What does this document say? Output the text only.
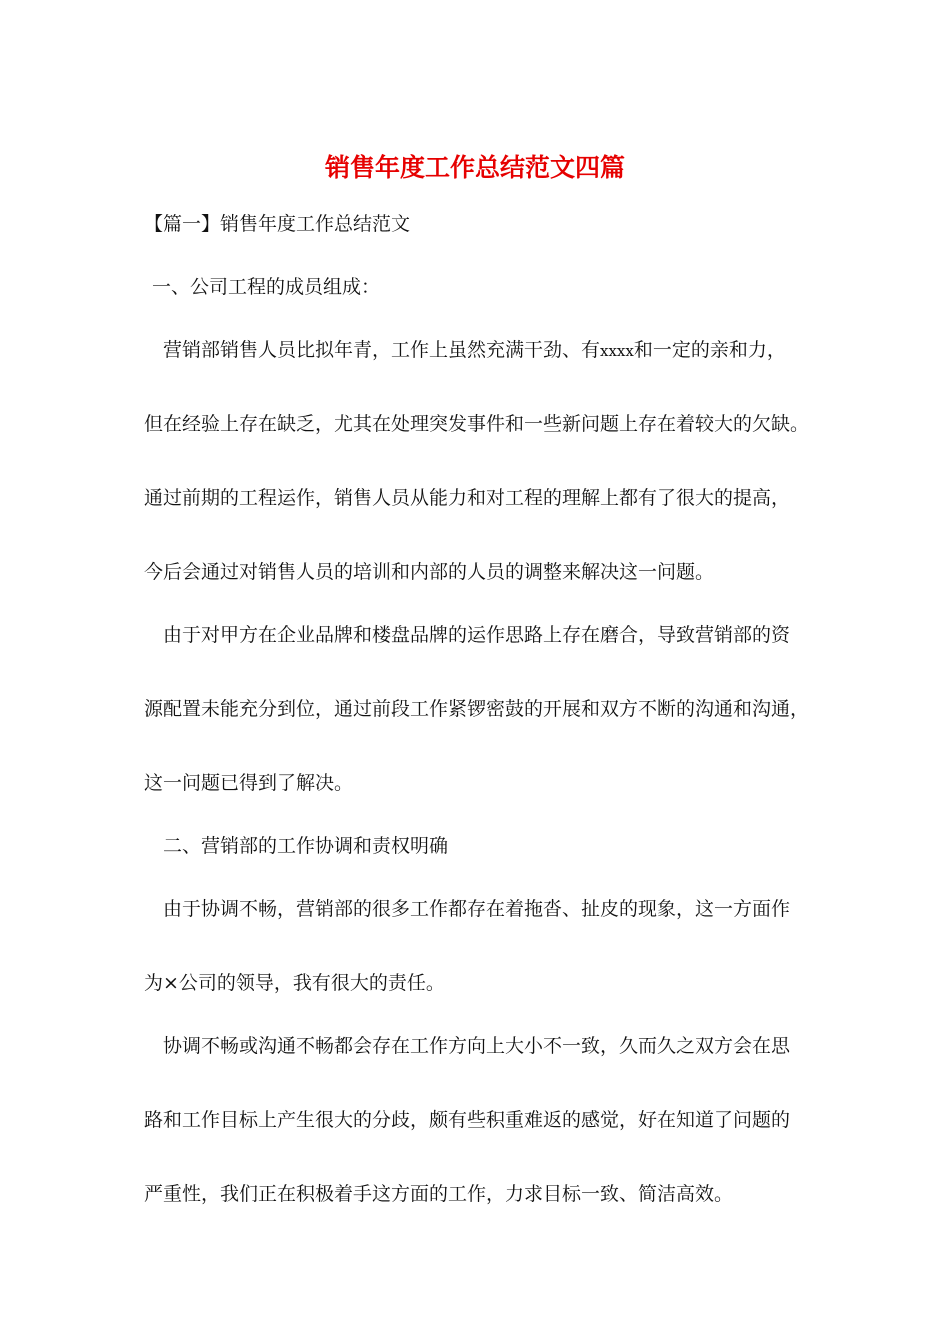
销售年度工作总结范文四篇

【篇一】销售年度工作总结范文

一、公司工程的成员组成：

营销部销售人员比拟年青，工作上虽然充满干劲、有xxxx和一定的亲和力，

但在经验上存在缺乏，尤其在处理突发事件和一些新问题上存在着较大的欠缺。

通过前期的工程运作，销售人员从能力和对工程的理解上都有了很大的提高，

今后会通过对销售人员的培训和内部的人员的调整来解决这一问题。

由于对甲方在企业品牌和楼盘品牌的运作思路上存在磨合，导致营销部的资

源配置未能充分到位，通过前段工作紧锣密鼓的开展和双方不断的沟通和沟通，

这一问题已得到了解决。

二、营销部的工作协调和责权明确

由于协调不畅，营销部的很多工作都存在着拖沓、扯皮的现象，这一方面作

为×公司的领导，我有很大的责任。

协调不畅或沟通不畅都会存在工作方向上大小不一致，久而久之双方会在思

路和工作目标上产生很大的分歧，颇有些积重难返的感觉，好在知道了问题的

严重性，我们正在积极着手这方面的工作，力求目标一致、简洁高效。
